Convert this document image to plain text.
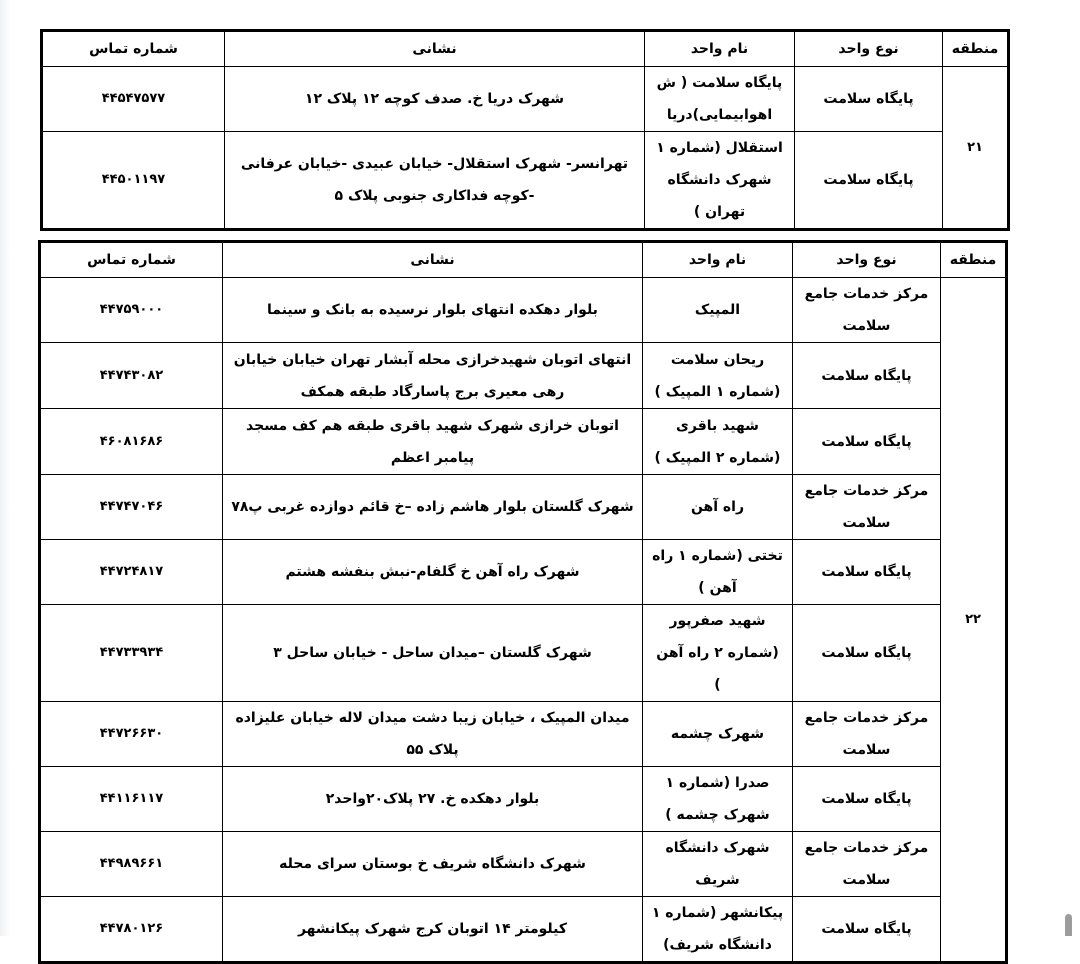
منطقه	نوع واحد	نام واحد	نشانی	شماره تماس
۲۱	پایگاه سلامت	پایگاه سلامت ( ش اهوابیمایی)دریا	شهرک دریا خ. صدف کوچه ۱۲ پلاک ۱۲	۴۴۵۴۷۵۷۷
	پایگاه سلامت	استقلال (شماره ۱ شهرک دانشگاه تهران )	تهرانسر- شهرک استقلال- خیابان عبیدی -خیابان عرفانی -کوچه فداکاری جنوبی پلاک ۵	۴۴۵۰۱۱۹۷
منطقه	نوع واحد	نام واحد	نشانی	شماره تماس
۲۲	مرکز خدمات جامع سلامت	المپیک	بلوار دهکده انتهای بلوار نرسیده به بانک و سینما	۴۴۷۵۹۰۰۰
	پایگاه سلامت	ریحان سلامت (شماره ۱ المپیک )	انتهای اتوبان شهیدخرازی محله آبشار تهران خیابان خیابان رهی معیری برج پاسارگاد طبقه همکف	۴۴۷۴۳۰۸۲
	پایگاه سلامت	شهید باقری (شماره ۲ المپیک )	اتوبان خرازی شهرک شهید باقری طبقه هم کف مسجد پیامبر اعظم	۴۶۰۸۱۶۸۶
	مرکز خدمات جامع سلامت	راه آهن	شهرک گلستان بلوار هاشم زاده –خ قائم دوازده غربی پ۷۸	۴۴۷۴۷۰۴۶
	پایگاه سلامت	تختی (شماره ۱ راه آهن )	شهرک راه آهن خ گلفام-نبش بنفشه هشتم	۴۴۷۲۴۸۱۷
	پایگاه سلامت	شهید صفرپور (شماره ۲ راه آهن )	شهرک گلستان –میدان ساحل - خیابان ساحل ۳	۴۴۷۳۳۹۳۴
	مرکز خدمات جامع سلامت	شهرک چشمه	میدان المپیک ، خیابان زیبا دشت میدان لاله خیابان علیزاده پلاک ۵۵	۴۴۷۲۶۶۳۰
	پایگاه سلامت	صدرا (شماره ۱ شهرک چشمه )	بلوار دهکده خ. ۲۷ پلاک۲۰واحد۲	۴۴۱۱۶۱۱۷
	مرکز خدمات جامع سلامت	شهرک دانشگاه شریف	شهرک دانشگاه شریف خ بوستان سرای محله	۴۴۹۸۹۶۶۱
	پایگاه سلامت	پیکانشهر (شماره ۱ دانشگاه شریف)	کیلومتر ۱۴ اتوبان کرج شهرک پیکانشهر	۴۴۷۸۰۱۲۶
